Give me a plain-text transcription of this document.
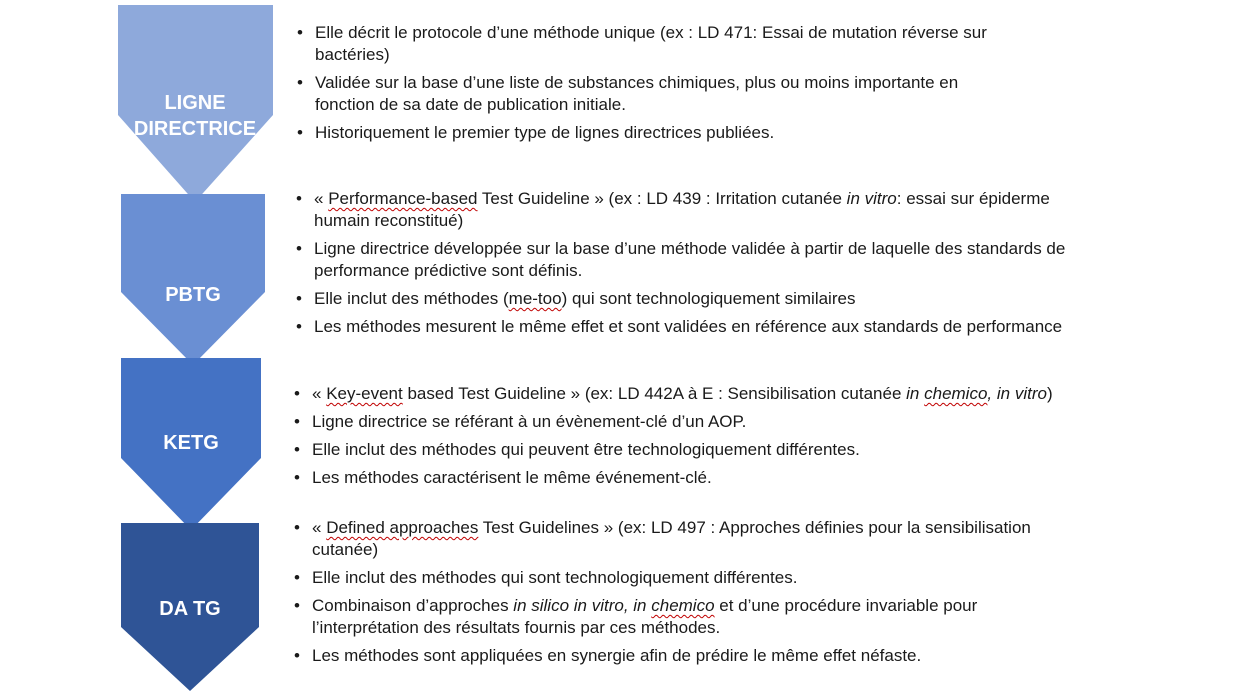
LIGNE
DIRECTRICE
PBTG
KETG
DA TG
• Elle décrit le protocole d’une méthode unique (ex : LD 471: Essai de mutation réverse sur
bactéries)
• Validée sur la base d’une liste de substances chimiques, plus ou moins importante en
fonction de sa date de publication initiale.
• Historiquement le premier type de lignes directrices publiées.
• « Performance-based Test Guideline » (ex : LD 439 : Irritation cutanée in vitro: essai sur épiderme
humain reconstitué)
• Ligne directrice développée sur la base d’une méthode validée à partir de laquelle des standards de
performance prédictive sont définis.
• Elle inclut des méthodes (me-too) qui sont technologiquement similaires
• Les méthodes mesurent le même effet et sont validées en référence aux standards de performance
• « Key-event based Test Guideline » (ex: LD 442A à E : Sensibilisation cutanée in chemico, in vitro)
• Ligne directrice se référant à un évènement-clé d’un AOP.
• Elle inclut des méthodes qui peuvent être technologiquement différentes.
• Les méthodes caractérisent le même événement-clé.
• « Defined approaches Test Guidelines » (ex: LD 497 : Approches définies pour la sensibilisation
cutanée)
• Elle inclut des méthodes qui sont technologiquement différentes.
• Combinaison d’approches in silico in vitro, in chemico et d’une procédure invariable pour
l’interprétation des résultats fournis par ces méthodes.
• Les méthodes sont appliquées en synergie afin de prédire le même effet néfaste.
